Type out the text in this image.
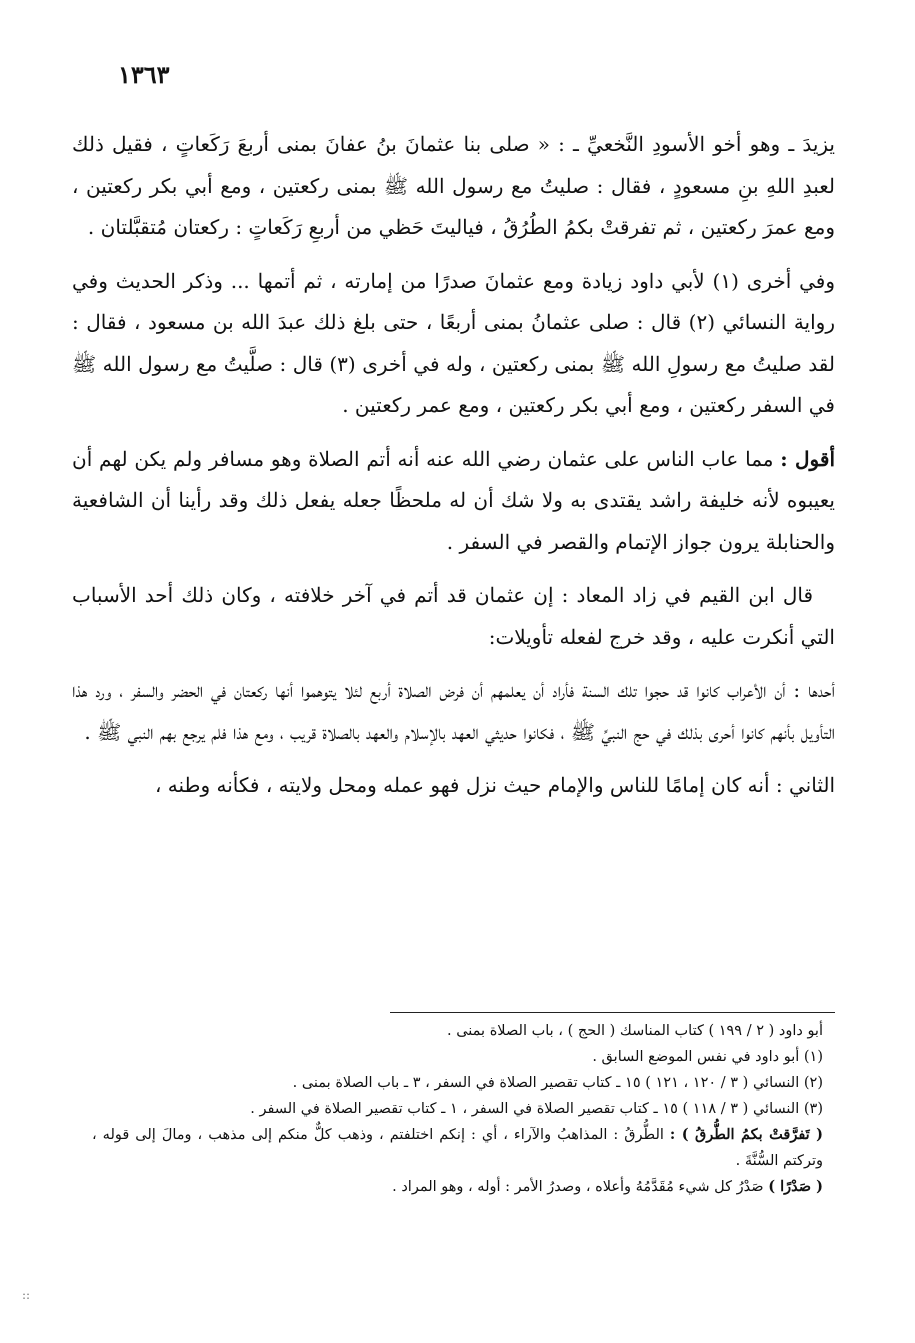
١٣٦٣

يزيدَ ـ وهو أخو الأسودِ النَّخعيِّ ـ : « صلى بنا عثمانَ بنُ عفانَ بمنى أربعَ رَكَعاتٍ ، فقيل ذلك لعبدِ اللهِ بنِ مسعودٍ ، فقال : صليتُ مع رسول الله ﷺ بمنى ركعتين ، ومع أبي بكر ركعتين ، ومع عمرَ ركعتين ، ثم تفرقتْ بكمُ الطُرُقُ ، فياليتَ حَظي من أربعِ رَكَعاتٍ : ركعتان مُتقبَّلتان .

وفي أخرى (١) لأبي داود زيادة ومع عثمانَ صدرًا من إمارته ، ثم أتمها ... وذكر الحديث وفي رواية النسائي (٢) قال : صلى عثمانُ بمنى أربعًا ، حتى بلغ ذلك عبدَ الله بن مسعود ، فقال : لقد صليتُ مع رسولِ الله ﷺ بمنى ركعتين ، وله في أخرى (٣) قال : صلَّيتُ مع رسول الله ﷺ في السفر ركعتين ، ومع أبي بكر ركعتين ، ومع عمر ركعتين .

أقول : مما عاب الناس على عثمان رضي الله عنه أنه أتم الصلاة وهو مسافر ولم يكن لهم أن يعيبوه لأنه خليفة راشد يقتدى به ولا شك أن له ملحظًا جعله يفعل ذلك وقد رأينا أن الشافعية والحنابلة يرون جواز الإتمام والقصر في السفر .

قال ابن القيم في زاد المعاد : إن عثمان قد أتم في آخر خلافته ، وكان ذلك أحد الأسباب التي أنكرت عليه ، وقد خرج لفعله تأويلات:

أحدها : أن الأعراب كانوا قد حجوا تلك السنة فأراد أن يعلمهم أن فرض الصلاة أربع لئلا يتوهموا أنها ركعتان في الحضر والسفر ، ورد هذا التأويل بأنهم كانوا أحرى بذلك في حج النبيِّ ﷺ ، فكانوا حديثي العهد بالإسلام والعهد بالصلاة قريب ، ومع هذا فلم يرجع بهم النبي ﷺ .

الثاني : أنه كان إمامًا للناس والإمام حيث نزل فهو عمله ومحل ولايته ، فكأنه وطنه ،

أبو داود ( ٢ / ١٩٩ ) كتاب المناسك ( الحج ) ، باب الصلاة بمنى .

(١) أبو داود في نفس الموضع السابق .

(٢) النسائي ( ٣ / ١٢٠ ، ١٢١ ) ١٥ ـ كتاب تقصير الصلاة في السفر ، ٣ ـ باب الصلاة بمنى .

(٣) النسائي ( ٣ / ١١٨ ) ١٥ ـ كتاب تقصير الصلاة في السفر ، ١ ـ كتاب تقصير الصلاة في السفر .

( تَفرَّقتْ بكمُ الطُّرقُ ) : الطُّرقُ : المذاهبُ والآراء ، أي : إنكم اختلفتم ، وذهب كلٌّ منكم إلى مذهب ، ومالَ إلى قوله ، وتركتم السُّنَّةَ .

( صَدْرًا ) صَدْرُ كل شيء مُقَدَّمُهُ وأعلاه ، وصدرُ الأمر : أوله ، وهو المراد .

::
